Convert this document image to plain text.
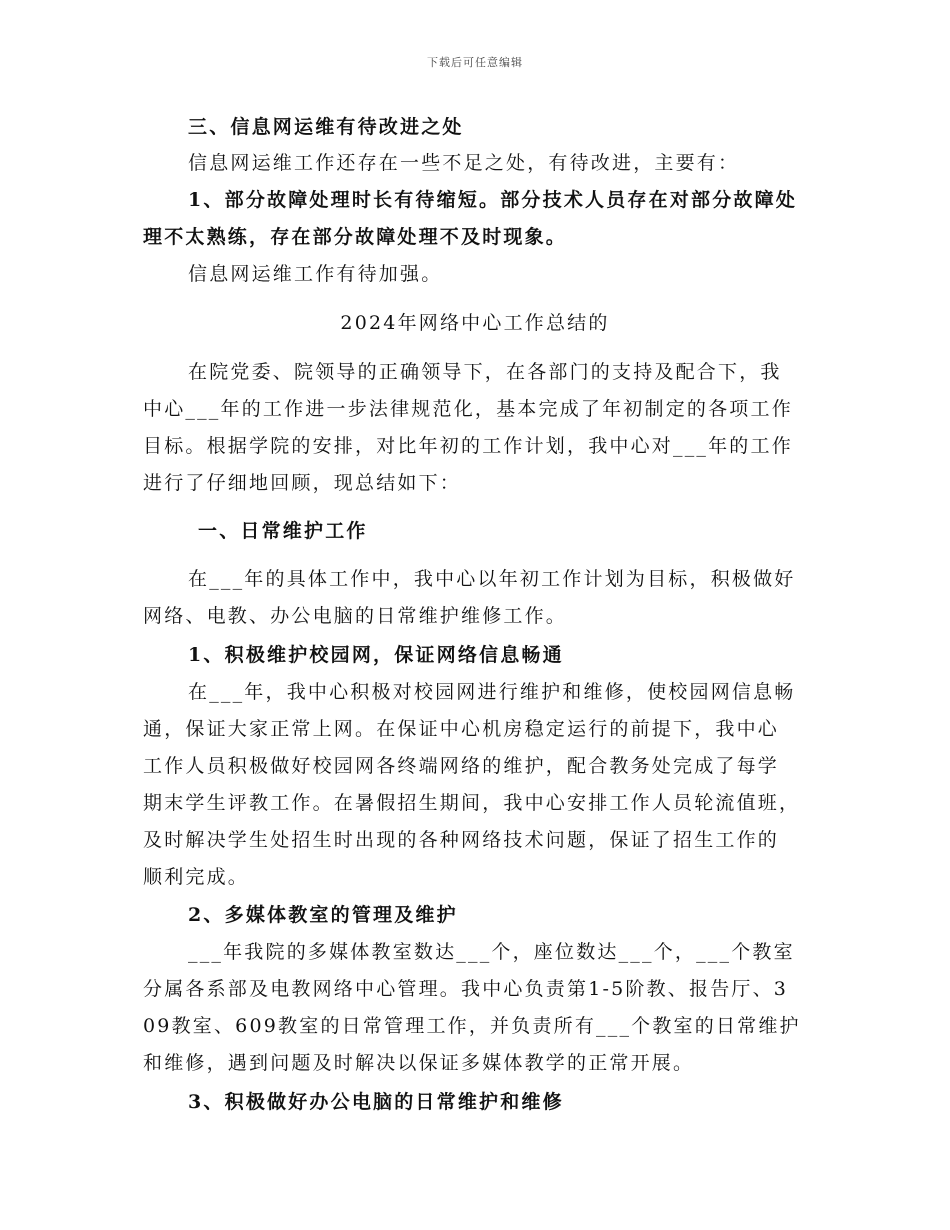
下载后可任意编辑
三、信息网运维有待改进之处
信息网运维工作还存在一些不足之处，有待改进，主要有：
1、部分故障处理时长有待缩短。部分技术人员存在对部分故障处
理不太熟练，存在部分故障处理不及时现象。
信息网运维工作有待加强。
2024年网络中心工作总结的
在院党委、院领导的正确领导下，在各部门的支持及配合下，我
中心___年的工作进一步法律规范化，基本完成了年初制定的各项工作
目标。根据学院的安排，对比年初的工作计划，我中心对___年的工作
进行了仔细地回顾，现总结如下：
一、日常维护工作
在___年的具体工作中，我中心以年初工作计划为目标，积极做好
网络、电教、办公电脑的日常维护维修工作。
1、积极维护校园网，保证网络信息畅通
在___年，我中心积极对校园网进行维护和维修，使校园网信息畅
通，保证大家正常上网。在保证中心机房稳定运行的前提下，我中心
工作人员积极做好校园网各终端网络的维护，配合教务处完成了每学
期末学生评教工作。在暑假招生期间，我中心安排工作人员轮流值班，
及时解决学生处招生时出现的各种网络技术问题，保证了招生工作的
顺利完成。
2、多媒体教室的管理及维护
___年我院的多媒体教室数达___个，座位数达___个，___个教室
分属各系部及电教网络中心管理。我中心负责第1-5阶教、报告厅、3
09教室、609教室的日常管理工作，并负责所有___个教室的日常维护
和维修，遇到问题及时解决以保证多媒体教学的正常开展。
3、积极做好办公电脑的日常维护和维修
